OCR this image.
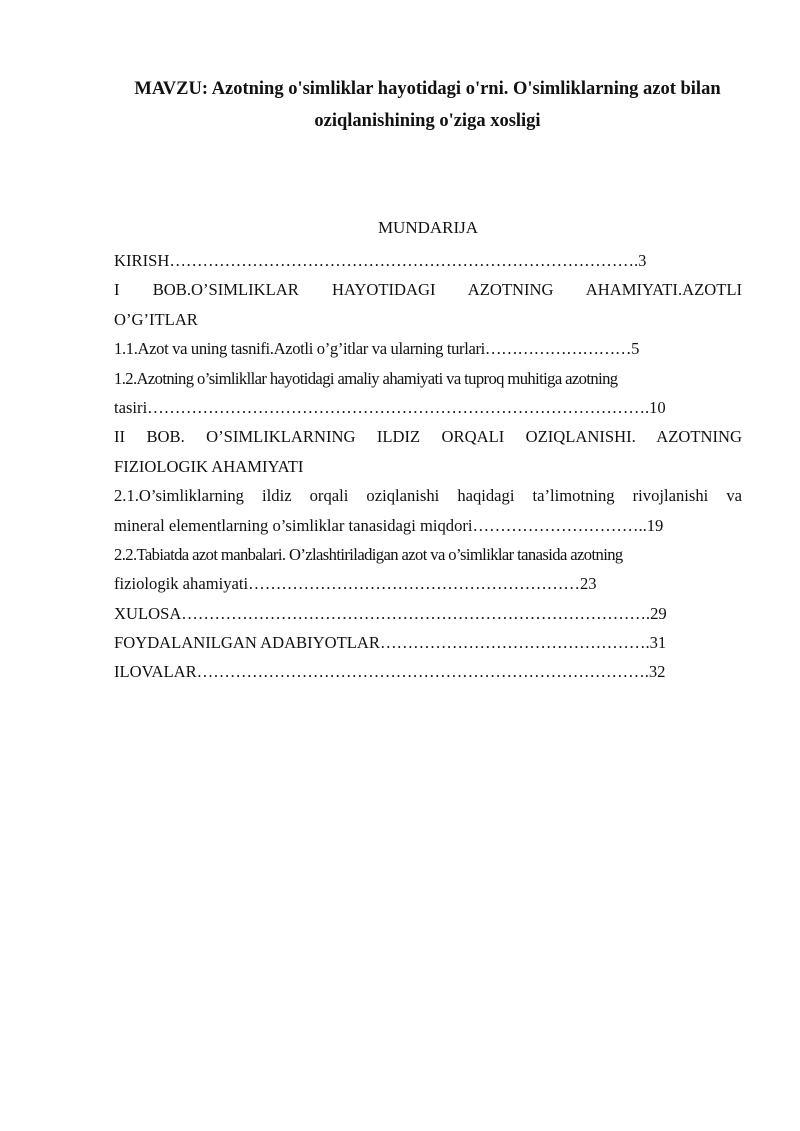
MAVZU: Azotning o'simliklar hayotidagi o'rni. O'simliklarning azot bilan
oziqlanishining o'ziga xosligi
MUNDARIJA
KIRISH………………………………………………………………………….3
I BOB.O’SIMLIKLAR HAYOTIDAGI AZOTNING AHAMIYATI.AZOTLI
O’G’ITLAR
1.1.Azot va uning tasnifi.Azotli o’g’itlar va ularning turlari………………………5
1.2.Azotning o’simlikllar hayotidagi amaliy ahamiyati va tuproq muhitiga azotning
tasiri……………………………………………………………………………….10
II BOB. O’SIMLIKLARNING ILDIZ ORQALI OZIQLANISHI. AZOTNING
FIZIOLOGIK AHAMIYATI
2.1.O’simliklarning ildiz orqali oziqlanishi haqidagi ta’limotning rivojlanishi va
mineral elementlarning o’simliklar tanasidagi miqdori…………………………..19
2.2.Tabiatda azot manbalari. O’zlashtiriladigan azot va o’simliklar tanasida azotning
fiziologik ahamiyati……………………………………………………23
XULOSA………………………………………………………………………….29
FOYDALANILGAN ADABIYOTLAR………………………………………….31
ILOVALAR……………………………………………………………………….32
